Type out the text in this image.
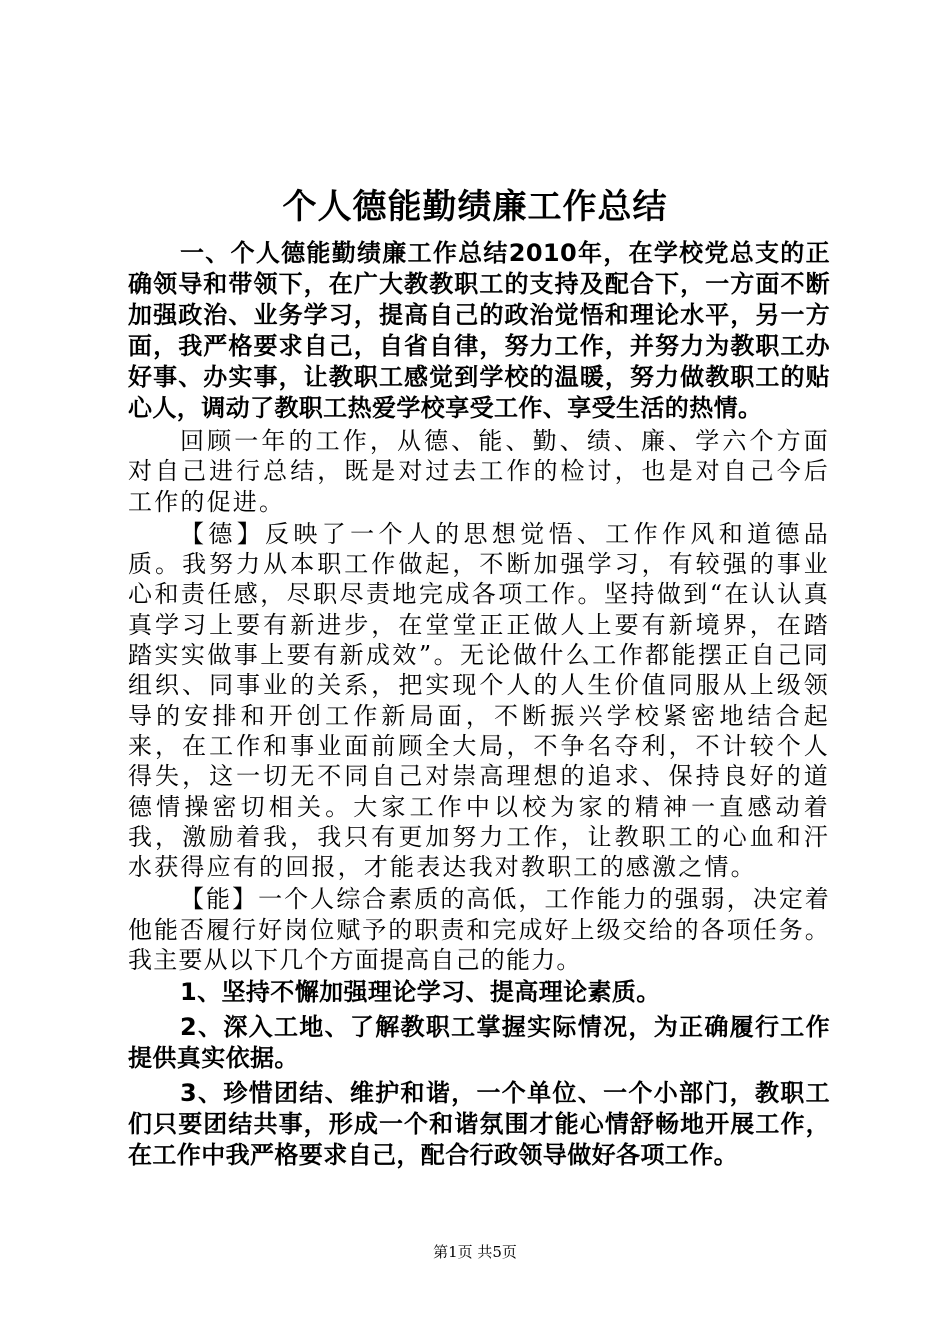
个人德能勤绩廉工作总结

一、个人德能勤绩廉工作总结2010年，在学校党总支的正确领导和带领下，在广大教教职工的支持及配合下，一方面不断加强政治、业务学习，提高自己的政治觉悟和理论水平，另一方面，我严格要求自己，自省自律，努力工作，并努力为教职工办好事、办实事，让教职工感觉到学校的温暖，努力做教职工的贴心人，调动了教职工热爱学校享受工作、享受生活的热情。

回顾一年的工作，从德、能、勤、绩、廉、学六个方面对自己进行总结，既是对过去工作的检讨，也是对自己今后工作的促进。

【德】反映了一个人的思想觉悟、工作作风和道德品质。我努力从本职工作做起，不断加强学习，有较强的事业心和责任感，尽职尽责地完成各项工作。坚持做到“在认认真真学习上要有新进步，在堂堂正正做人上要有新境界，在踏踏实实做事上要有新成效”。无论做什么工作都能摆正自己同组织、同事业的关系，把实现个人的人生价值同服从上级领导的安排和开创工作新局面，不断振兴学校紧密地结合起来，在工作和事业面前顾全大局，不争名夺利，不计较个人得失，这一切无不同自己对崇高理想的追求、保持良好的道德情操密切相关。大家工作中以校为家的精神一直感动着我，激励着我，我只有更加努力工作，让教职工的心血和汗水获得应有的回报，才能表达我对教职工的感激之情。

【能】一个人综合素质的高低，工作能力的强弱，决定着他能否履行好岗位赋予的职责和完成好上级交给的各项任务。我主要从以下几个方面提高自己的能力。

1、坚持不懈加强理论学习、提高理论素质。

2、深入工地、了解教职工掌握实际情况，为正确履行工作提供真实依据。

3、珍惜团结、维护和谐，一个单位、一个小部门，教职工们只要团结共事，形成一个和谐氛围才能心情舒畅地开展工作，在工作中我严格要求自己，配合行政领导做好各项工作。

第1页 共5页
